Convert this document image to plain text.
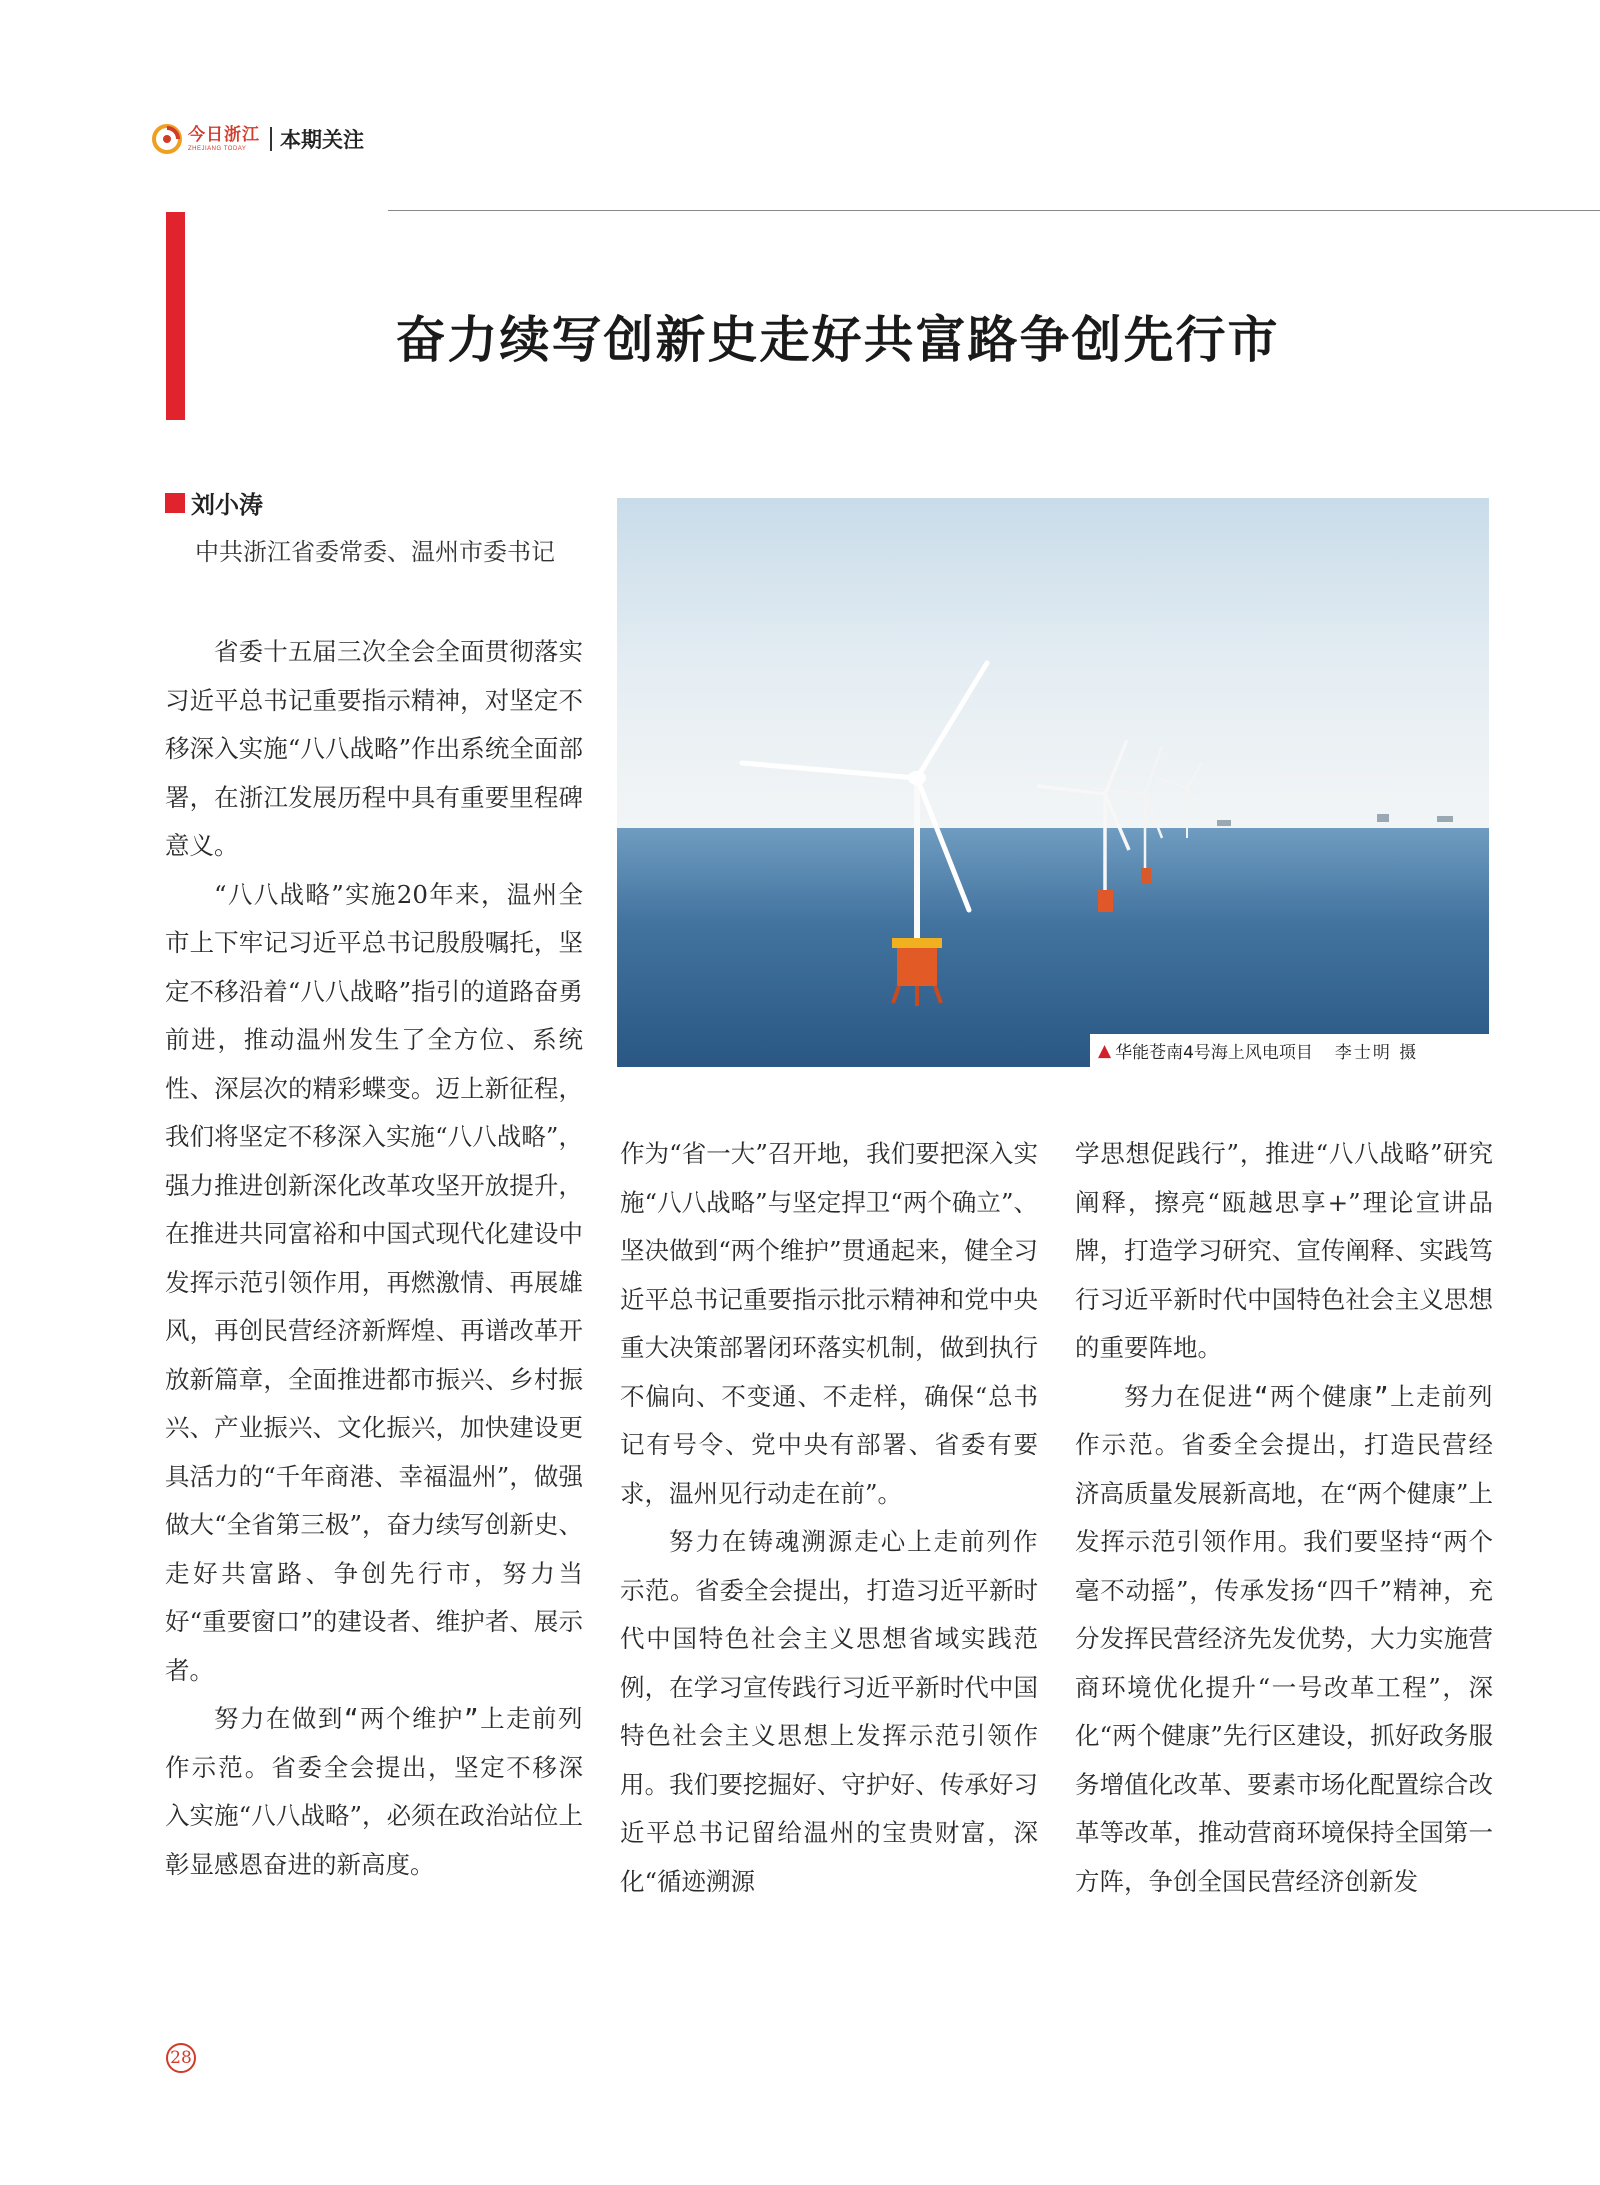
今日浙江
ZHEJIANG TODAY	本期关注
奋力续写创新史走好共富路争创先行市
刘小涛
中共浙江省委常委、温州市委书记
▲ 华能苍南4号海上风电项目 李士明 摄

省委十五届三次全会全面贯彻落实习近平总书记重要指示精神，对坚定不移深入实施“八八战略”作出系统全面部署，在浙江发展历程中具有重要里程碑意义。

“八八战略”实施20年来，温州全市上下牢记习近平总书记殷殷嘱托，坚定不移沿着“八八战略”指引的道路奋勇前进，推动温州发生了全方位、系统性、深层次的精彩蝶变。迈上新征程，我们将坚定不移深入实施“八八战略”，强力推进创新深化改革攻坚开放提升，在推进共同富裕和中国式现代化建设中发挥示范引领作用，再燃激情、再展雄风，再创民营经济新辉煌、再谱改革开放新篇章，全面推进都市振兴、乡村振兴、产业振兴、文化振兴，加快建设更具活力的“千年商港、幸福温州”，做强做大“全省第三极”，奋力续写创新史、走好共富路、争创先行市，努力当好“重要窗口”的建设者、维护者、展示者。

努力在做到“两个维护”上走前列作示范。省委全会提出，坚定不移深入实施“八八战略”，必须在政治站位上彰显感恩奋进的新高度。

作为“省一大”召开地，我们要把深入实施“八八战略”与坚定捍卫“两个确立”、坚决做到“两个维护”贯通起来，健全习近平总书记重要指示批示精神和党中央重大决策部署闭环落实机制，做到执行不偏向、不变通、不走样，确保“总书记有号令、党中央有部署、省委有要求，温州见行动走在前”。

努力在铸魂溯源走心上走前列作示范。省委全会提出，打造习近平新时代中国特色社会主义思想省域实践范例，在学习宣传践行习近平新时代中国特色社会主义思想上发挥示范引领作用。我们要挖掘好、守护好、传承好习近平总书记留给温州的宝贵财富，深化“循迹溯源

学思想促践行”，推进“八八战略”研究阐释，擦亮“瓯越思享+”理论宣讲品牌，打造学习研究、宣传阐释、实践笃行习近平新时代中国特色社会主义思想的重要阵地。

努力在促进“两个健康”上走前列作示范。省委全会提出，打造民营经济高质量发展新高地，在“两个健康”上发挥示范引领作用。我们要坚持“两个毫不动摇”，传承发扬“四千”精神，充分发挥民营经济先发优势，大力实施营商环境优化提升“一号改革工程”，深化“两个健康”先行区建设，抓好政务服务增值化改革、要素市场化配置综合改革等改革，推动营商环境保持全国第一方阵，争创全国民营经济创新发

28
